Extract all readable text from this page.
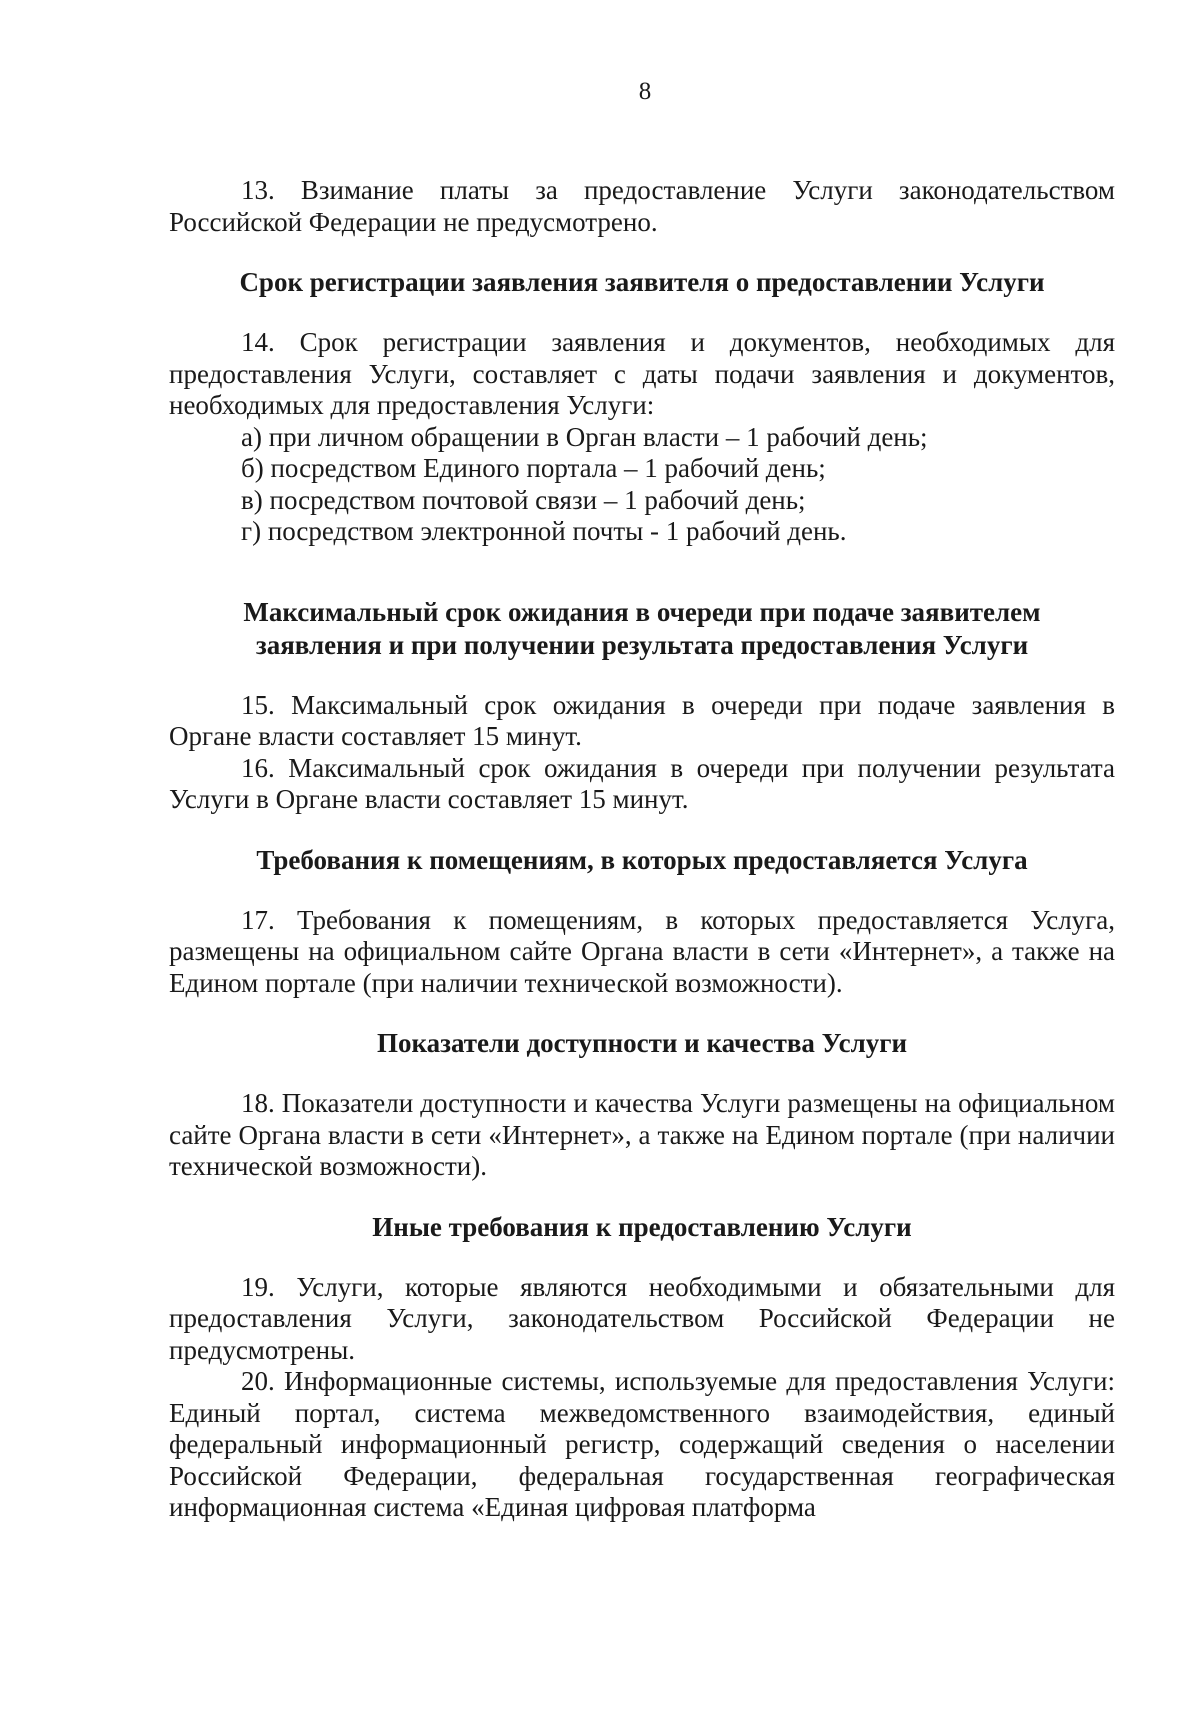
8

13. Взимание платы за предоставление Услуги законодательством Российской Федерации не предусмотрено.

Срок регистрации заявления заявителя о предоставлении Услуги

14. Срок регистрации заявления и документов, необходимых для предоставления Услуги, составляет с даты подачи заявления и документов, необходимых для предоставления Услуги:

а) при личном обращении в Орган власти – 1 рабочий день;

б) посредством Единого портала – 1 рабочий день;

в) посредством почтовой связи – 1 рабочий день;

г) посредством электронной почты - 1 рабочий день.

Максимальный срок ожидания в очереди при подаче заявителем
заявления и при получении результата предоставления Услуги

15. Максимальный срок ожидания в очереди при подаче заявления в Органе власти составляет 15 минут.

16. Максимальный срок ожидания в очереди при получении результата Услуги в Органе власти составляет 15 минут.

Требования к помещениям, в которых предоставляется Услуга

17. Требования к помещениям, в которых предоставляется Услуга, размещены на официальном сайте Органа власти в сети «Интернет», а также на Едином портале (при наличии технической возможности).

Показатели доступности и качества Услуги

18. Показатели доступности и качества Услуги размещены на официальном сайте Органа власти в сети «Интернет», а также на Едином портале (при наличии технической возможности).

Иные требования к предоставлению Услуги

19. Услуги, которые являются необходимыми и обязательными для предоставления Услуги, законодательством Российской Федерации не предусмотрены.

20. Информационные системы, используемые для предоставления Услуги: Единый портал, система межведомственного взаимодействия, единый федеральный информационный регистр, содержащий сведения о населении Российской Федерации, федеральная государственная географическая информационная система «Единая цифровая платформа
